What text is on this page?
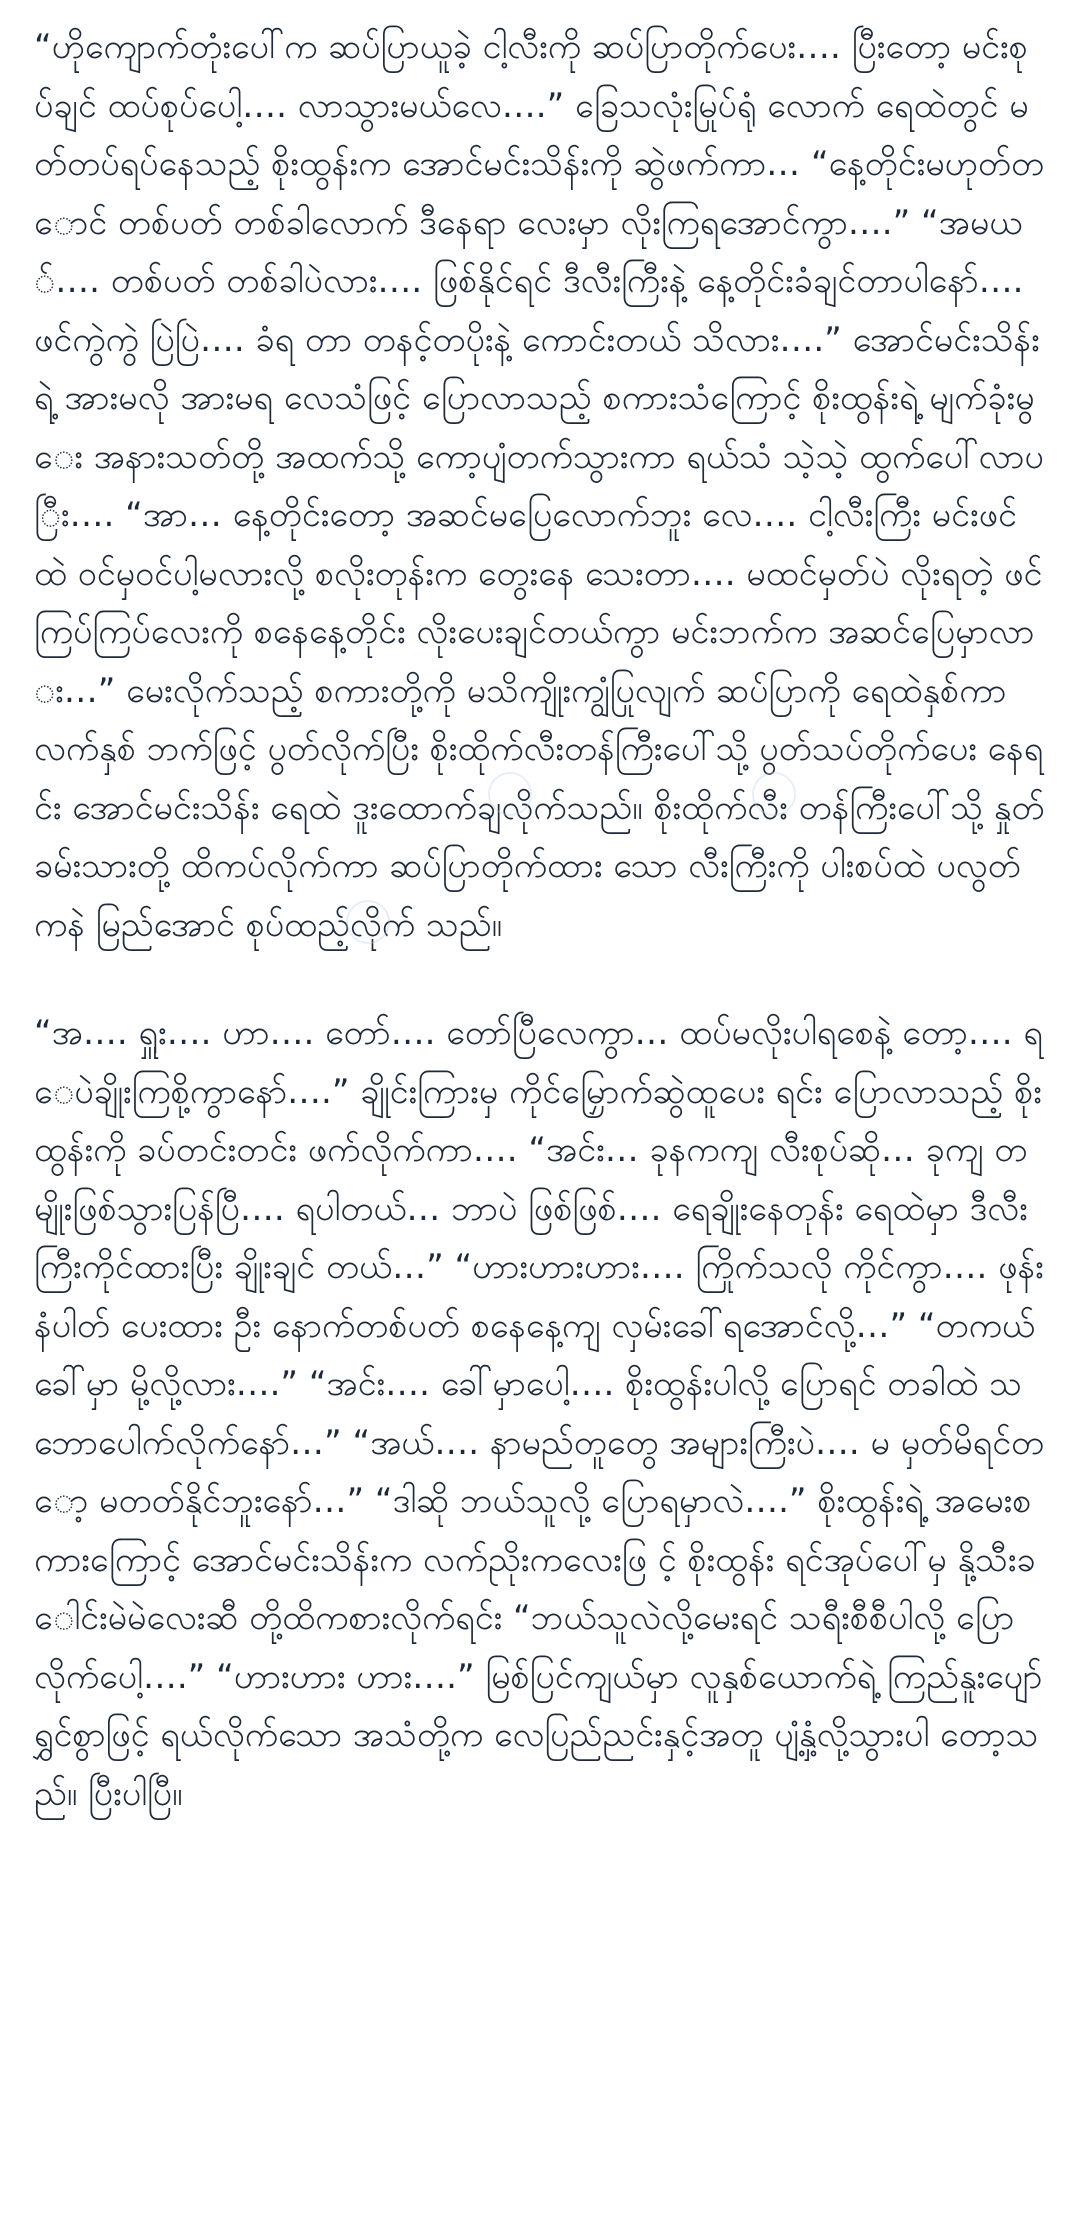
“ဟိုကျောက်တုံးပေါ်က ဆပ်ပြာယူခဲ့ ငါ့လီးကို ဆပ်ပြာတိုက်ပေး…. ပြီးတော့ မင်းစုပ်ချင် ထပ်စုပ်ပေါ့…. လာသွားမယ်လေ….” ခြေသလုံးမြုပ်ရုံ လောက် ရေထဲတွင် မတ်တပ်ရပ်နေသည့် စိုးထွန်းက အောင်မင်းသိန်းကို ဆွဲဖက်ကာ… “နေ့တိုင်းမဟုတ်တောင် တစ်ပတ် တစ်ခါလောက် ဒီနေရာ လေးမှာ လိုးကြရအောင်ကွာ….” “အမယ်…. တစ်ပတ် တစ်ခါပဲလား…. ဖြစ်နိုင်ရင် ဒီလီးကြီးနဲ့ နေ့တိုင်းခံချင်တာပါနော်…. ဖင်ကွဲကွဲ ပြဲပြဲ…. ခံရ တာ တနင့်တပိုးနဲ့ ကောင်းတယ် သိလား….” အောင်မင်းသိန်းရဲ့ အားမလို အားမရ လေသံဖြင့် ပြောလာသည့် စကားသံကြောင့် စိုးထွန်းရဲ့ မျက်ခုံးမွေး အနားသတ်တို့ အထက်သို့ ကော့ပျံတက်သွားကာ ရယ်သံ သဲ့သဲ့ ထွက်ပေါ်လာပြီး…. “အာ… နေ့တိုင်းတော့ အဆင်မပြေလောက်ဘူး လေ…. ငါ့လီးကြီး မင်းဖင်ထဲ ဝင်မှဝင်ပါ့မလားလို့ စလိုးတုန်းက တွေးနေ သေးတာ…. မထင်မှတ်ပဲ လိုးရတဲ့ ဖင်ကြပ်ကြပ်လေးကို စနေနေ့တိုင်း လိုးပေးချင်တယ်ကွာ မင်းဘက်က အဆင်ပြေမှာလား…” မေးလိုက်သည့် စကားတို့ကို မသိကျိုးကျွံပြုလျက် ဆပ်ပြာကို ရေထဲနှစ်ကာ လက်နှစ် ဘက်ဖြင့် ပွတ်လိုက်ပြီး စိုးထိုက်လီးတန်ကြီးပေါ်သို့ ပွတ်သပ်တိုက်ပေး နေရင်း အောင်မင်းသိန်း ရေထဲ ဒူးထောက်ချလိုက်သည်။ စိုးထိုက်လီး တန်ကြီးပေါ်သို့ နှုတ်ခမ်းသားတို့ ထိကပ်လိုက်ကာ ဆပ်ပြာတိုက်ထား သော လီးကြီးကို ပါးစပ်ထဲ ပလွတ်ကနဲ မြည်အောင် စုပ်ထည့်လိုက် သည်။

“အ…. ရှူး…. ဟာ…. တော်…. တော်ပြီလေကွာ… ထပ်မလိုးပါရစေနဲ့ တော့…. ရေပဲချိုးကြစို့ကွာနော်….” ချိုင်းကြားမှ ကိုင်မြှောက်ဆွဲထူပေး ရင်း ပြောလာသည့် စိုးထွန်းကို ခပ်တင်းတင်း ဖက်လိုက်ကာ…. “အင်း… ခုနကကျ လီးစုပ်ဆို… ခုကျ တမျိုးဖြစ်သွားပြန်ပြီ…. ရပါတယ်… ဘာပဲ ဖြစ်ဖြစ်…. ရေချိုးနေတုန်း ရေထဲမှာ ဒီလီးကြီးကိုင်ထားပြီး ချိုးချင် တယ်…” “ဟားဟားဟား…. ကြိုက်သလို ကိုင်ကွာ…. ဖုန်းနံပါတ် ပေးထား ဦး နောက်တစ်ပတ် စနေနေ့ကျ လှမ်းခေါ်ရအောင်လို့…” “တကယ်ခေါ်မှာ မို့လို့လား….” “အင်း…. ခေါ်မှာပေါ့…. စိုးထွန်းပါလို့ ပြောရင် တခါထဲ သဘောပေါက်လိုက်နော်…” “အယ်…. နာမည်တူတွေ အများကြီးပဲ…. မ မှတ်မိရင်တော့ မတတ်နိုင်ဘူးနော်…” “ဒါဆို ဘယ်သူလို့ ပြောရမှာလဲ….” စိုးထွန်းရဲ့ အမေးစကားကြောင့် အောင်မင်းသိန်းက လက်ညိုးကလေးဖြ င့် စိုးထွန်း ရင်အုပ်ပေါ်မှ နို့သီးခေါင်းမဲမဲလေးဆီ တို့ထိကစားလိုက်ရင်း “ဘယ်သူလဲလို့မေးရင် သရီးစီစီပါလို့ ပြောလိုက်ပေါ့….” “ဟားဟား ဟား….” မြစ်ပြင်ကျယ်မှာ လူနှစ်ယောက်ရဲ့ ကြည်နူးပျော်ရွှင်စွာဖြင့် ရယ်လိုက်သော အသံတို့က လေပြည်ညင်းနှင့်အတူ ပျံ့နှံ့လို့သွားပါ တော့သည်။ ပြီးပါပြီ။
